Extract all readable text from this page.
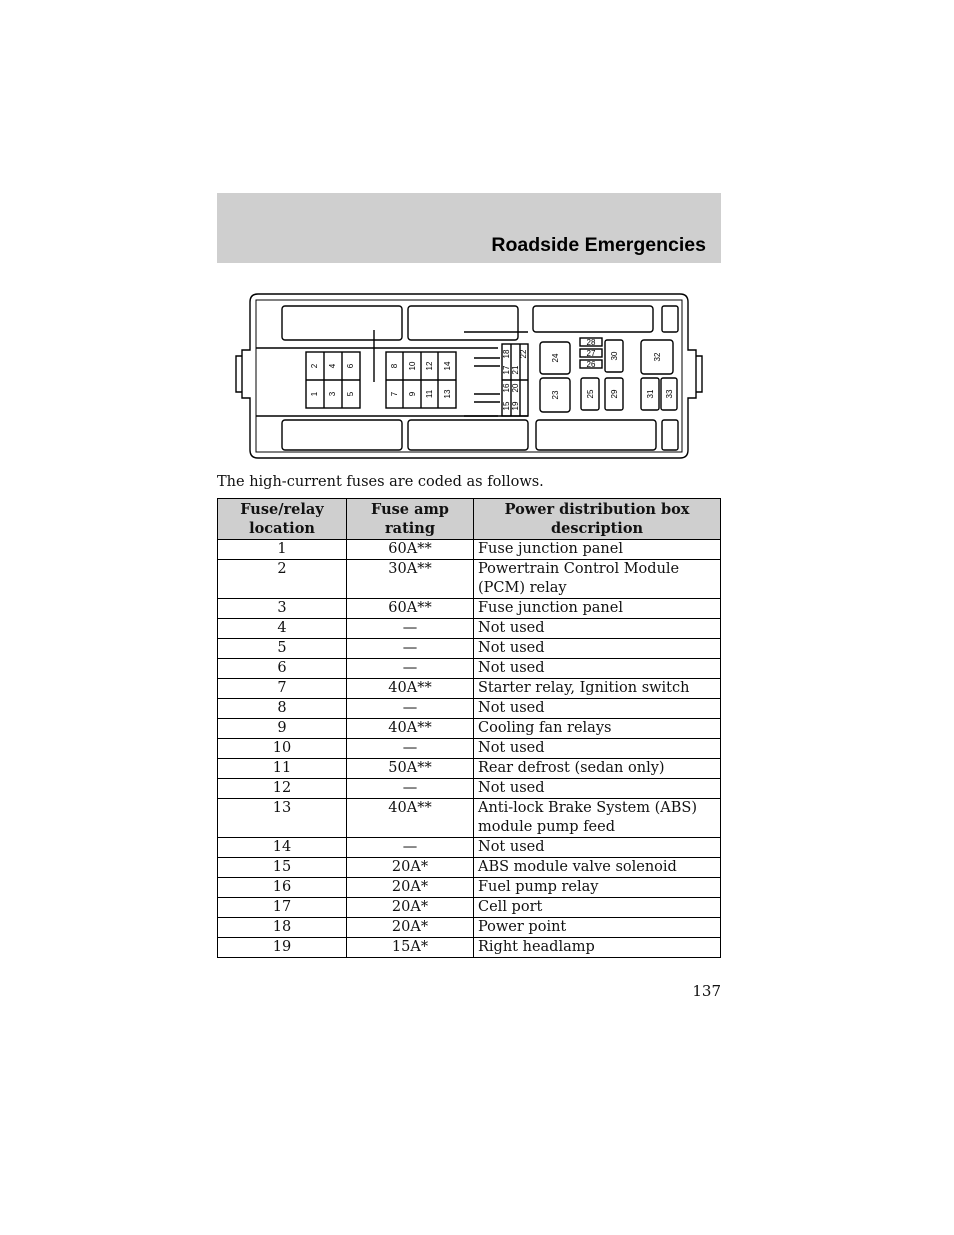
Roadside Emergencies
2 4 6
1 3 5
8 10 12 14
7 9 11 13
17
18
16
21
22
20
15 19
24
23
28
27
26
25 29
30
31
32
33

The high-current fuses are coded as follows.

Fuse/relay location	Fuse amp rating	Power distribution box description
1	60A**	Fuse junction panel
2	30A**	Powertrain Control Module (PCM) relay
3	60A**	Fuse junction panel
4	—	Not used
5	—	Not used
6	—	Not used
7	40A**	Starter relay, Ignition switch
8	—	Not used
9	40A**	Cooling fan relays
10	—	Not used
11	50A**	Rear defrost (sedan only)
12	—	Not used
13	40A**	Anti-lock Brake System (ABS) module pump feed
14	—	Not used
15	20A*	ABS module valve solenoid
16	20A*	Fuel pump relay
17	20A*	Cell port
18	20A*	Power point
19	15A*	Right headlamp

137
